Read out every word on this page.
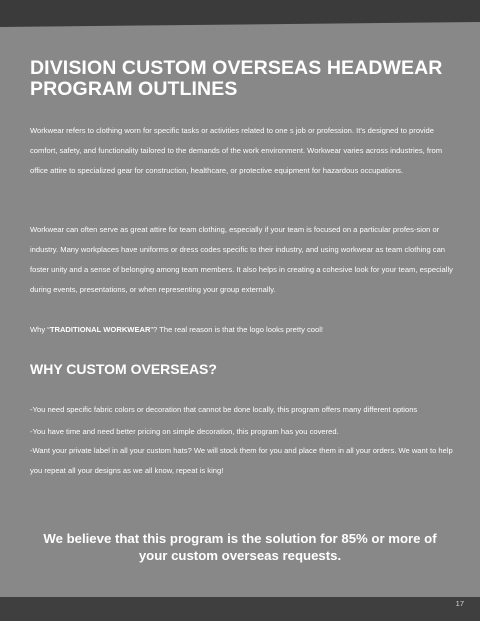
DIVISION CUSTOM OVERSEAS HEADWEAR PROGRAM OUTLINES

Workwear refers to clothing worn for specific tasks or activities related to one s job or profession. It's designed to provide comfort, safety, and functionality tailored to the demands of the work environment. Workwear varies across industries, from office attire to specialized gear for construction, healthcare, or protective equipment for hazardous occupations.

Workwear can often serve as great attire for team clothing, especially if your team is focused on a particular profes-sion or industry. Many workplaces have uniforms or dress codes specific to their industry, and using workwear as team clothing can foster unity and a sense of belonging among team members. It also helps in creating a cohesive look for your team, especially during events, presentations, or when representing your group externally.

Why “TRADITIONAL WORKWEAR”? The real reason is that the logo looks pretty cool!

WHY CUSTOM OVERSEAS?

-You need specific fabric colors or decoration that cannot be done locally, this program offers many different options

-You have time and need better pricing on simple decoration, this program has you covered.

-Want your private label in all your custom hats? We will stock them for you and place them in all your orders. We want to help you repeat all your designs as we all know, repeat is king!

We believe that this program is the solution for 85% or more of your custom overseas requests.

17
